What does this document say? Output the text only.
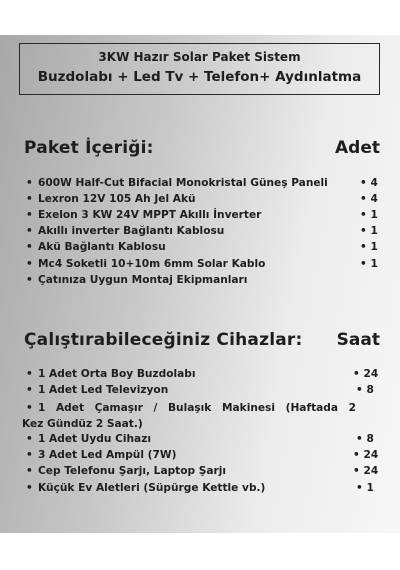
3KW Hazır Solar Paket Sistem
Buzdolabı + Led Tv + Telefon+ Aydınlatma
Paket İçeriği:	Adet
• 600W Half-Cut Bifacial Monokristal Güneş Paneli	• 4
• Lexron 12V 105 Ah Jel Akü	• 4
• Exelon 3 KW 24V MPPT Akıllı İnverter	• 1
• Akıllı inverter Bağlantı Kablosu	• 1
• Akü Bağlantı Kablosu	• 1
• Mc4 Soketli 10+10m 6mm Solar Kablo	• 1
• Çatınıza Uygun Montaj Ekipmanları
Çalıştırabileceğiniz Cihazlar: Saat
• 1 Adet Orta Boy Buzdolabı	• 24
• 1 Adet Led Televizyon	• 8
• 1 Adet Çamaşır / Bulaşık Makinesi (Haftada 2
Kez Gündüz 2 Saat.)
• 1 Adet Uydu Cihazı	• 8
• 3 Adet Led Ampül (7W)	• 24
• Cep Telefonu Şarjı, Laptop Şarjı	• 24
• Küçük Ev Aletleri (Süpürge Kettle vb.)	• 1
